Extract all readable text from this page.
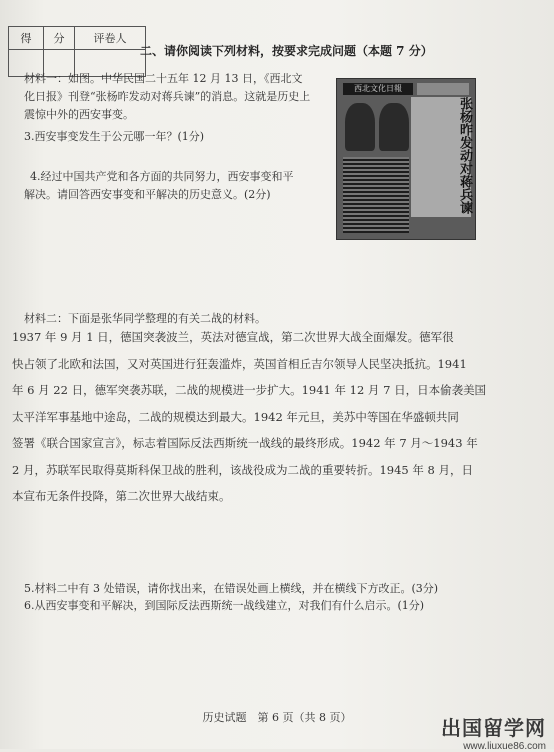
得	分	评卷人

二、请你阅读下列材料，按要求完成问题（本题 7 分）
材料一：如图。中华民国二十五年 12 月 13 日，《西北文
化日报》刊登“张杨昨发动对蒋兵谏”的消息。这就是历史上
震惊中外的西安事变。
3.西安事变发生于公元哪一年？(1分)
4.经过中国共产党和各方面的共同努力，西安事变和平
解决。请回答西安事变和平解决的历史意义。(2分)
西北文化日報
张杨昨发动对蒋兵谏
材料二：下面是张华同学整理的有关二战的材料。
1937 年 9 月 1 日，德国突袭波兰，英法对德宣战，第二次世界大战全面爆发。德军很
快占领了北欧和法国，又对英国进行狂轰滥炸，英国首相丘吉尔领导人民坚决抵抗。1941
年 6 月 22 日，德军突袭苏联，二战的规模进一步扩大。1941 年 12 月 7 日，日本偷袭美国
太平洋军事基地中途岛，二战的规模达到最大。1942 年元旦，美苏中等国在华盛顿共同
签署《联合国家宣言》，标志着国际反法西斯统一战线的最终形成。1942 年 7 月～1943 年
2 月，苏联军民取得莫斯科保卫战的胜利，该战役成为二战的重要转折。1945 年 8 月，日
本宣布无条件投降，第二次世界大战结束。
5.材料二中有 3 处错误，请你找出来，在错误处画上横线，并在横线下方改正。(3分)
6.从西安事变和平解决，到国际反法西斯统一战线建立，对我们有什么启示。(1分)
历史试题　第 6 页（共 8 页）	出国留学网
www.liuxue86.com
